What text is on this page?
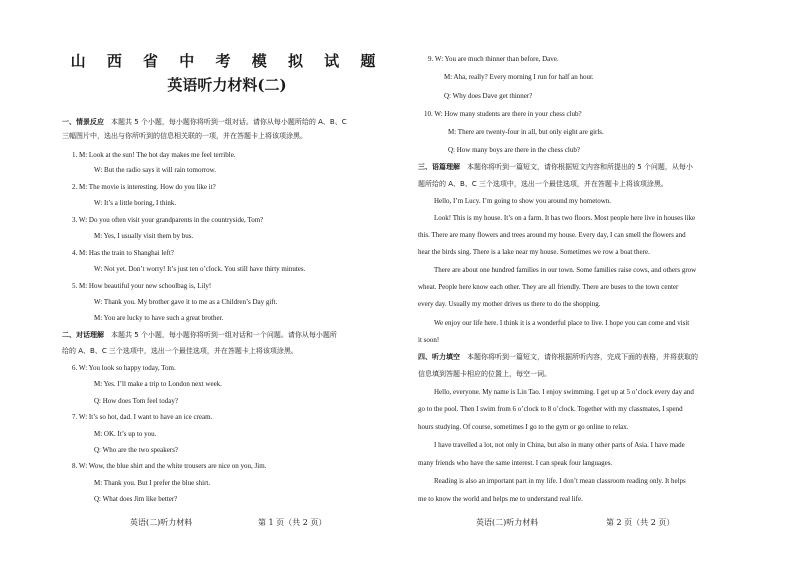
山 西 省 中 考 模 拟 试 题
英语听力材料(二)
一、情景反应　本题共 5 个小题，每小题你将听到一组对话。请你从每小题所给的 A、B、C
三幅图片中，选出与你所听到的信息相关联的一项，并在答题卡上将该项涂黑。
1. M: Look at the sun! The hot day makes me feel terrible.
W: But the radio says it will rain tomorrow.
2. M: The movie is interesting. How do you like it?
W: It’s a little boring, I think.
3. W: Do you often visit your grandparents in the countryside, Tom?
M: Yes, I usually visit them by bus.
4. M: Has the train to Shanghai left?
W: Not yet. Don’t worry! It’s just ten o’clock. You still have thirty minutes.
5. M: How beautiful your new schoolbag is, Lily!
W: Thank you. My brother gave it to me as a Children’s Day gift.
M: You are lucky to have such a great brother.
二、对话理解　本题共 5 个小题，每小题你将听到一组对话和一个问题。请你从每小题所
给的 A、B、C 三个选项中，选出一个最佳选项，并在答题卡上将该项涂黑。
6. W: You look so happy today, Tom.
M: Yes. I’ll make a trip to London next week.
Q: How does Tom feel today?
7. W: It’s so hot, dad. I want to have an ice cream.
M: OK. It’s up to you.
Q: Who are the two speakers?
8. W: Wow, the blue shirt and the white trousers are nice on you, Jim.
M: Thank you. But I prefer the blue shirt.
Q: What does Jim like better?
9. W: You are much thinner than before, Dave.
M: Aha, really? Every morning I run for half an hour.
Q: Why does Dave get thinner?
10. W: How many students are there in your chess club?
M: There are twenty-four in all, but only eight are girls.
Q: How many boys are there in the chess club?
三、语篇理解　本题你将听到一篇短文，请你根据短文内容和所提出的 5 个问题，从每小
题所给的 A、B、C 三个选项中，选出一个最佳选项，并在答题卡上将该项涂黑。
Hello, I’m Lucy. I’m going to show you around my hometown.
Look! This is my house. It’s on a farm. It has two floors. Most people here live in houses like
this. There are many flowers and trees around my house. Every day, I can smell the flowers and
hear the birds sing. There is a lake near my house. Sometimes we row a boat there.
There are about one hundred families in our town. Some families raise cows, and others grow
wheat. People here know each other. They are all friendly. There are buses to the town center
every day. Usually my mother drives us there to do the shopping.
We enjoy our life here. I think it is a wonderful place to live. I hope you can come and visit
it soon!
四、听力填空　本题你将听到一篇短文，请你根据所听内容，完成下面的表格，并将获取的
信息填到答题卡相应的位置上，每空一词。
Hello, everyone. My name is Lin Tao. I enjoy swimming. I get up at 5 o’clock every day and
go to the pool. Then I swim from 6 o’clock to 8 o’clock. Together with my classmates, I spend
hours studying. Of course, sometimes I go to the gym or go online to relax.
I have travelled a lot, not only in China, but also in many other parts of Asia. I have made
many friends who have the same interest. I can speak four languages.
Reading is also an important part in my life. I don’t mean classroom reading only. It helps
me to know the world and helps me to understand real life.
英语(二)听力材料	第 1 页（共 2 页）	英语(二)听力材料	第 2 页（共 2 页）
